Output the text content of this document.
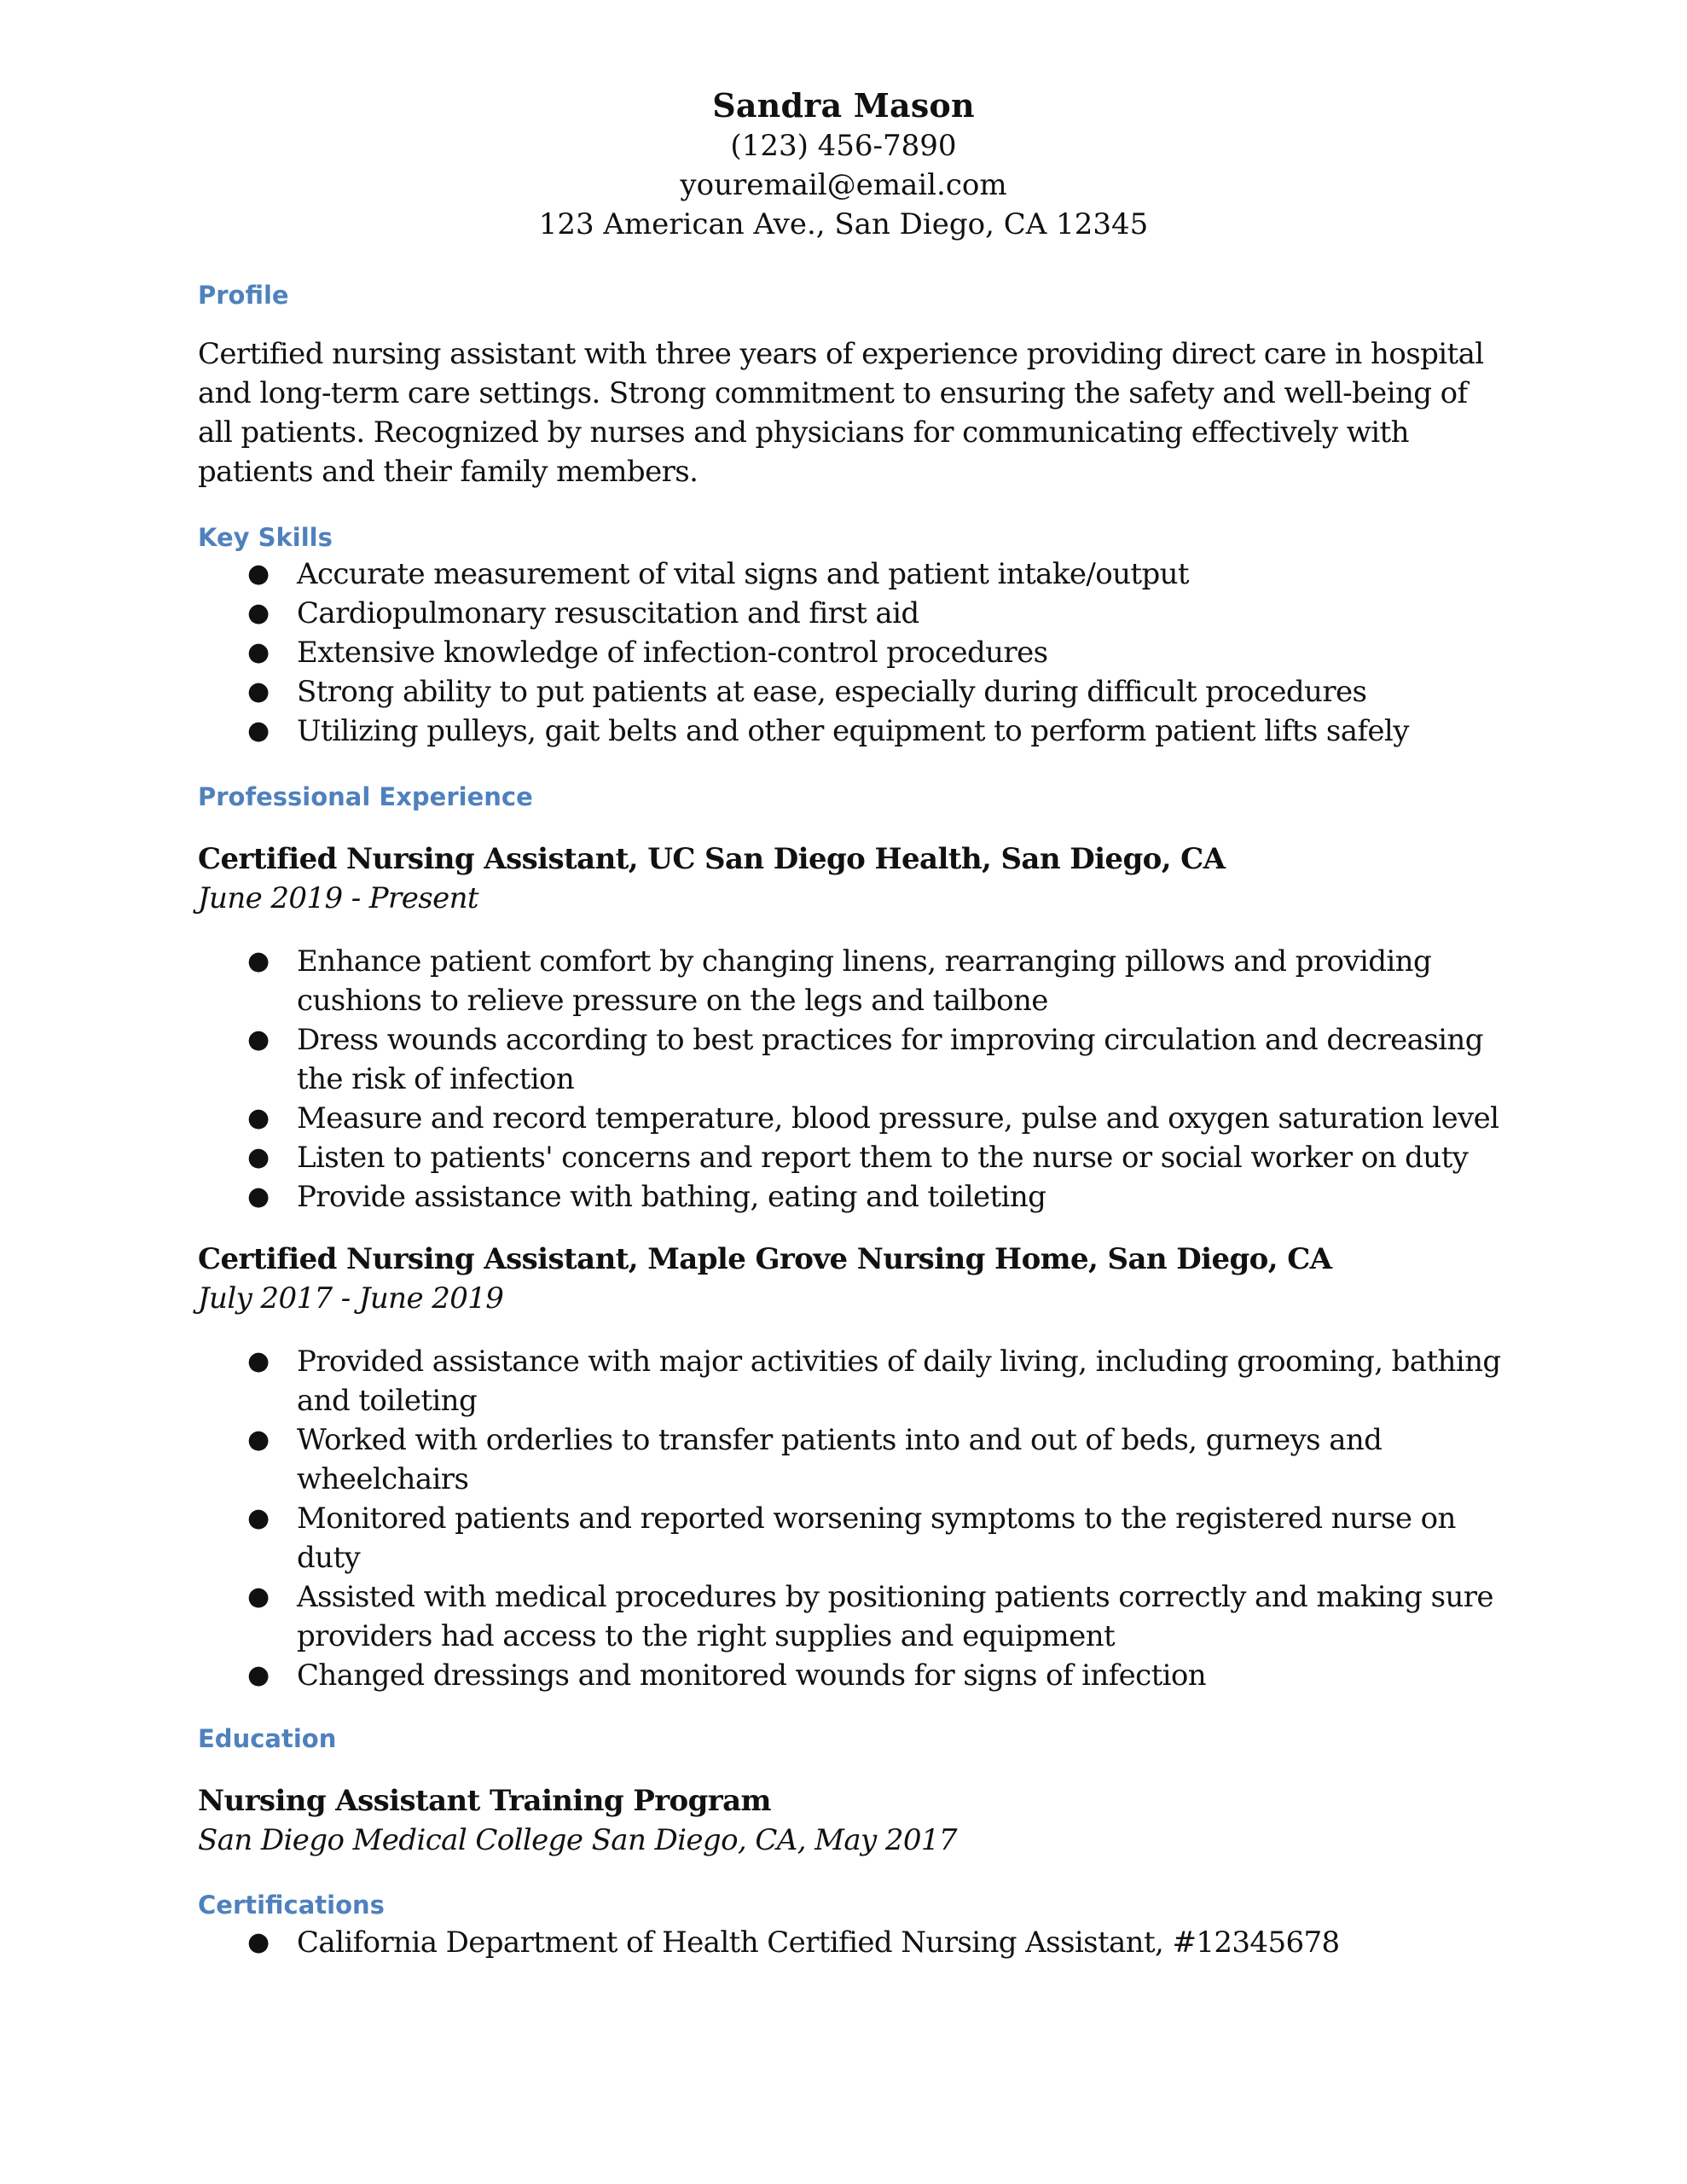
Sandra Mason

(123) 456-7890

youremail@email.com

123 American Ave., San Diego, CA 12345

Profile

Certified nursing assistant with three years of experience providing direct care in hospital and long-term care settings. Strong commitment to ensuring the safety and well-being of all patients. Recognized by nurses and physicians for communicating effectively with patients and their family members.

Key Skills
● Accurate measurement of vital signs and patient intake/output
● Cardiopulmonary resuscitation and first aid
● Extensive knowledge of infection-control procedures
● Strong ability to put patients at ease, especially during difficult procedures
● Utilizing pulleys, gait belts and other equipment to perform patient lifts safely
Professional Experience

Certified Nursing Assistant, UC San Diego Health, San Diego, CA

June 2019 - Present

● Enhance patient comfort by changing linens, rearranging pillows and providing cushions to relieve pressure on the legs and tailbone
● Dress wounds according to best practices for improving circulation and decreasing the risk of infection
● Measure and record temperature, blood pressure, pulse and oxygen saturation level
● Listen to patients' concerns and report them to the nurse or social worker on duty
● Provide assistance with bathing, eating and toileting

Certified Nursing Assistant, Maple Grove Nursing Home, San Diego, CA

July 2017 - June 2019

● Provided assistance with major activities of daily living, including grooming, bathing and toileting
● Worked with orderlies to transfer patients into and out of beds, gurneys and wheelchairs
● Monitored patients and reported worsening symptoms to the registered nurse on duty
● Assisted with medical procedures by positioning patients correctly and making sure providers had access to the right supplies and equipment
● Changed dressings and monitored wounds for signs of infection
Education

Nursing Assistant Training Program

San Diego Medical College San Diego, CA, May 2017

Certifications
● California Department of Health Certified Nursing Assistant, #12345678
